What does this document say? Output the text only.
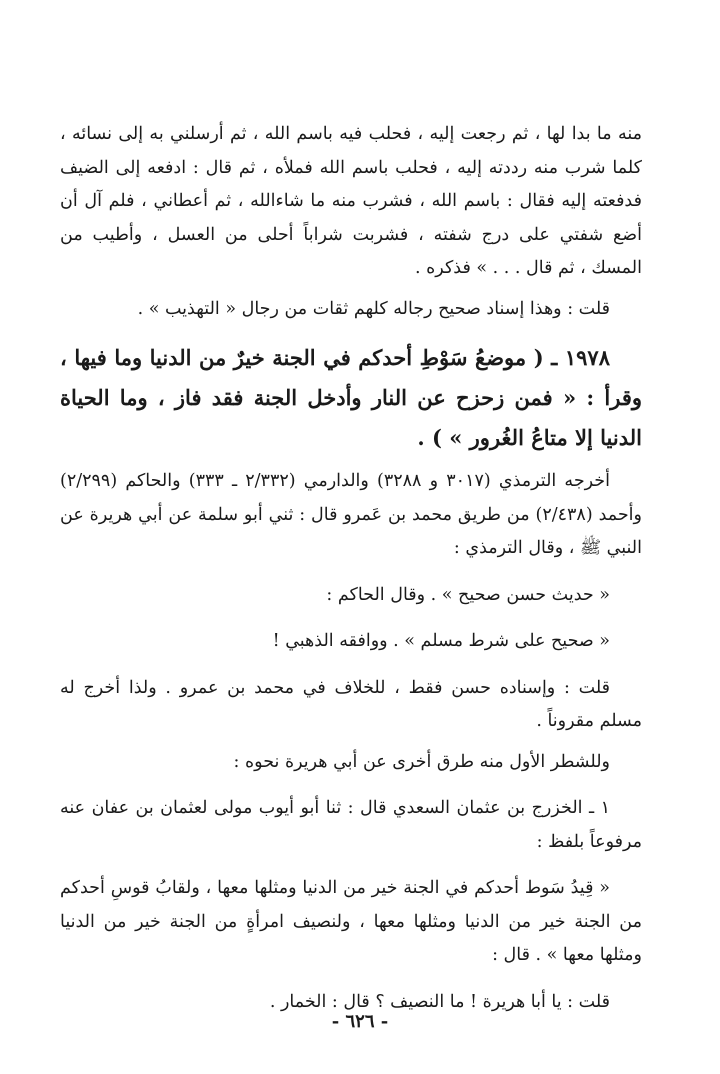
منه ما بدا لها ، ثم رجعت إليه ، فحلب فيه باسم الله ، ثم أرسلني به إلى نسائه ، كلما شرب منه رددته إليه ، فحلب باسم الله فملأه ، ثم قال : ادفعه إلى الضيف فدفعته إليه فقال : باسم الله ، فشرب منه ما شاءالله ، ثم أعطاني ، فلم آل أن أضع شفتي على درج شفته ، فشربت شراباً أحلى من العسل ، وأطيب من المسك ، ثم قال . . . » فذكره .

قلت : وهذا إسناد صحيح رجاله كلهم ثقات من رجال « التهذيب » .

١٩٧٨ ـ ( موضعُ سَوْطِ أحدكم في الجنة خيرٌ من الدنيا وما فيها ، وقرأ : « فمن زحزح عن النار وأدخل الجنة فقد فاز ، وما الحياة الدنيا إلا متاعُ الغُرور » ) .

أخرجه الترمذي (٣٠١٧ و ٣٢٨٨) والدارمي (٢/٣٣٢ ـ ٣٣٣) والحاكم (٢/٢٩٩) وأحمد (٢/٤٣٨) من طريق محمد بن عَمرو قال : ثني أبو سلمة عن أبي هريرة عن النبي ﷺ ، وقال الترمذي :

« حديث حسن صحيح » . وقال الحاكم :

« صحيح على شرط مسلم » . ووافقه الذهبي !

قلت : وإسناده حسن فقط ، للخلاف في محمد بن عمرو . ولذا أخرج له مسلم مقروناً .

وللشطر الأول منه طرق أخرى عن أبي هريرة نحوه :

١ ـ الخزرج بن عثمان السعدي قال : ثنا أبو أيوب مولى لعثمان بن عفان عنه مرفوعاً بلفظ :

« قِيدُ سَوط أحدكم في الجنة خير من الدنيا ومثلها معها ، ولقابُ قوسِ أحدكم من الجنة خير من الدنيا ومثلها معها ، ولنصيف امرأةٍ من الجنة خير من الدنيا ومثلها معها » . قال :

قلت : يا أبا هريرة ! ما النصيف ؟ قال : الخمار .

- ٦٢٦ -
